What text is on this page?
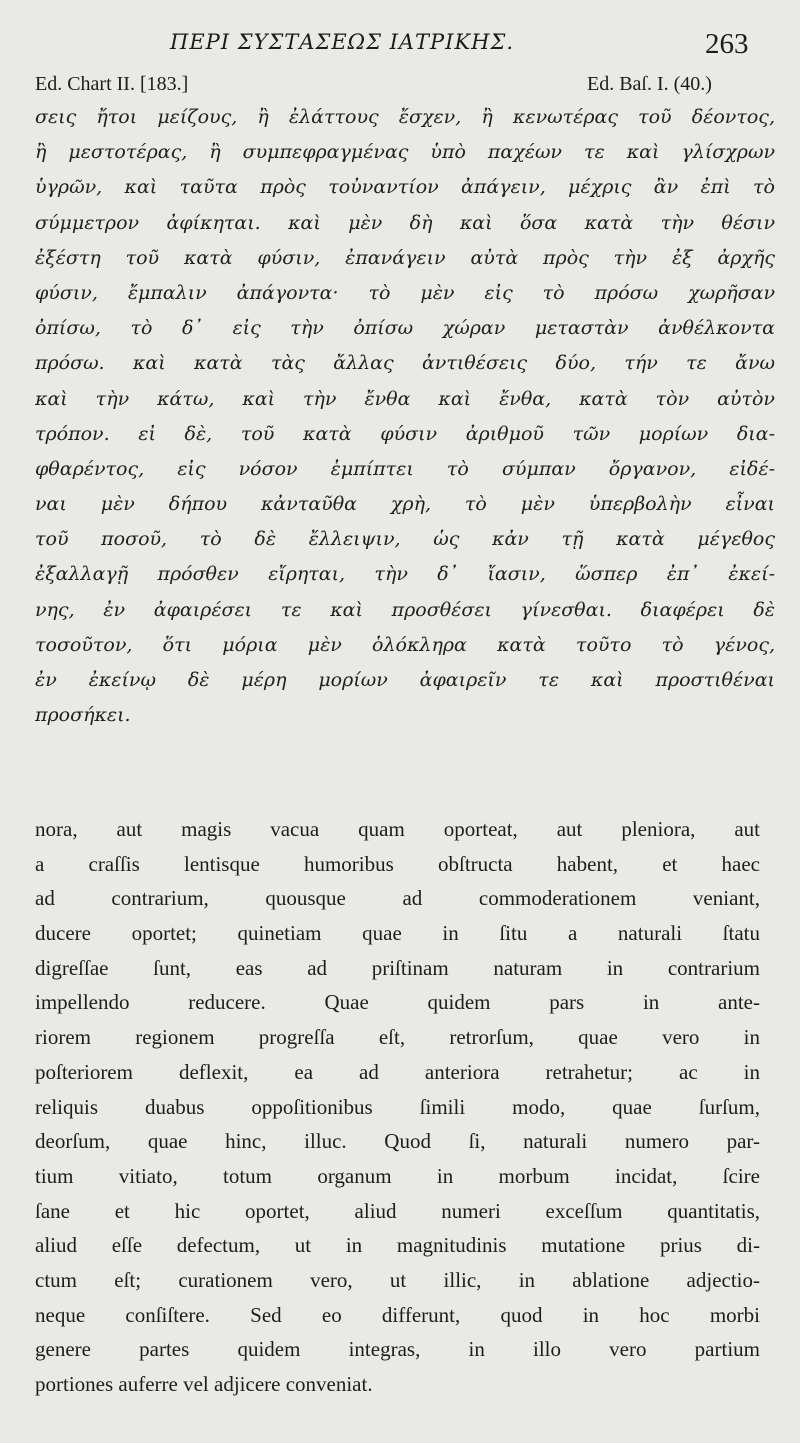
ΠΕΡΙ ΣΥΣΤΑΣΕΩΣ ΙΑΤΡΙΚΗΣ.	263
Ed. Chart II. [183.]	Ed. Baſ. I. (40.)
σεις ἤτοι μείζους, ἢ ἐλάττους ἔσχεν, ἢ κενωτέρας τοῦ δέοντος,
ἢ μεστοτέρας, ἢ συμπεφραγμένας ὑπὸ παχέων τε καὶ γλίσχρων
ὑγρῶν, καὶ ταῦτα πρὸς τοὐναντίον ἀπάγειν, μέχρις ἂν ἐπὶ τὸ
σύμμετρον ἀφίκηται. καὶ μὲν δὴ καὶ ὅσα κατὰ τὴν θέσιν
ἐξέστη τοῦ κατὰ φύσιν, ἐπανάγειν αὐτὰ πρὸς τὴν ἐξ ἀρχῆς
φύσιν, ἔμπαλιν ἀπάγοντα· τὸ μὲν εἰς τὸ πρόσω χωρῆσαν
ὀπίσω, τὸ δ᾽ εἰς τὴν ὀπίσω χώραν μεταστὰν ἀνθέλκοντα
πρόσω. καὶ κατὰ τὰς ἄλλας ἀντιθέσεις δύο, τήν τε ἄνω
καὶ τὴν κάτω, καὶ τὴν ἔνθα καὶ ἔνθα, κατὰ τὸν αὐτὸν
τρόπον. εἰ δὲ, τοῦ κατὰ φύσιν ἀριθμοῦ τῶν μορίων δια-
φθαρέντος, εἰς νόσον ἐμπίπτει τὸ σύμπαν ὄργανον, εἰδέ-
ναι μὲν δήπου κἀνταῦθα χρὴ, τὸ μὲν ὑπερβολὴν εἶναι
τοῦ ποσοῦ, τὸ δὲ ἔλλειψιν, ὡς κἀν τῇ κατὰ μέγεθος
ἐξαλλαγῇ πρόσθεν εἴρηται, τὴν δ᾽ ἴασιν, ὥσπερ ἐπ᾽ ἐκεί-
νης, ἐν ἀφαιρέσει τε καὶ προσθέσει γίνεσθαι. διαφέρει δὲ
τοσοῦτον, ὅτι μόρια μὲν ὁλόκληρα κατὰ τοῦτο τὸ γένος,
ἐν ἐκείνῳ δὲ μέρη μορίων ἀφαιρεῖν τε καὶ προστιθέναι
προσήκει.
nora, aut magis vacua quam oporteat, aut pleniora, aut
a craſſis lentisque humoribus obſtructa habent, et haec
ad contrarium, quousque ad commoderationem veniant,
ducere oportet; quinetiam quae in ſitu a naturali ſtatu
digreſſae ſunt, eas ad priſtinam naturam in contrarium
impellendo reducere. Quae quidem pars in ante-
riorem regionem progreſſa eſt, retrorſum, quae vero in
poſteriorem deflexit, ea ad anteriora retrahetur; ac in
reliquis duabus oppoſitionibus ſimili modo, quae ſurſum,
deorſum, quae hinc, illuc. Quod ſi, naturali numero par-
tium vitiato, totum organum in morbum incidat, ſcire
ſane et hic oportet, aliud numeri exceſſum quantitatis,
aliud eſſe defectum, ut in magnitudinis mutatione prius di-
ctum eſt; curationem vero, ut illic, in ablatione adjectio-
neque conſiſtere. Sed eo differunt, quod in hoc morbi
genere partes quidem integras, in illo vero partium
portiones auferre vel adjicere conveniat.
